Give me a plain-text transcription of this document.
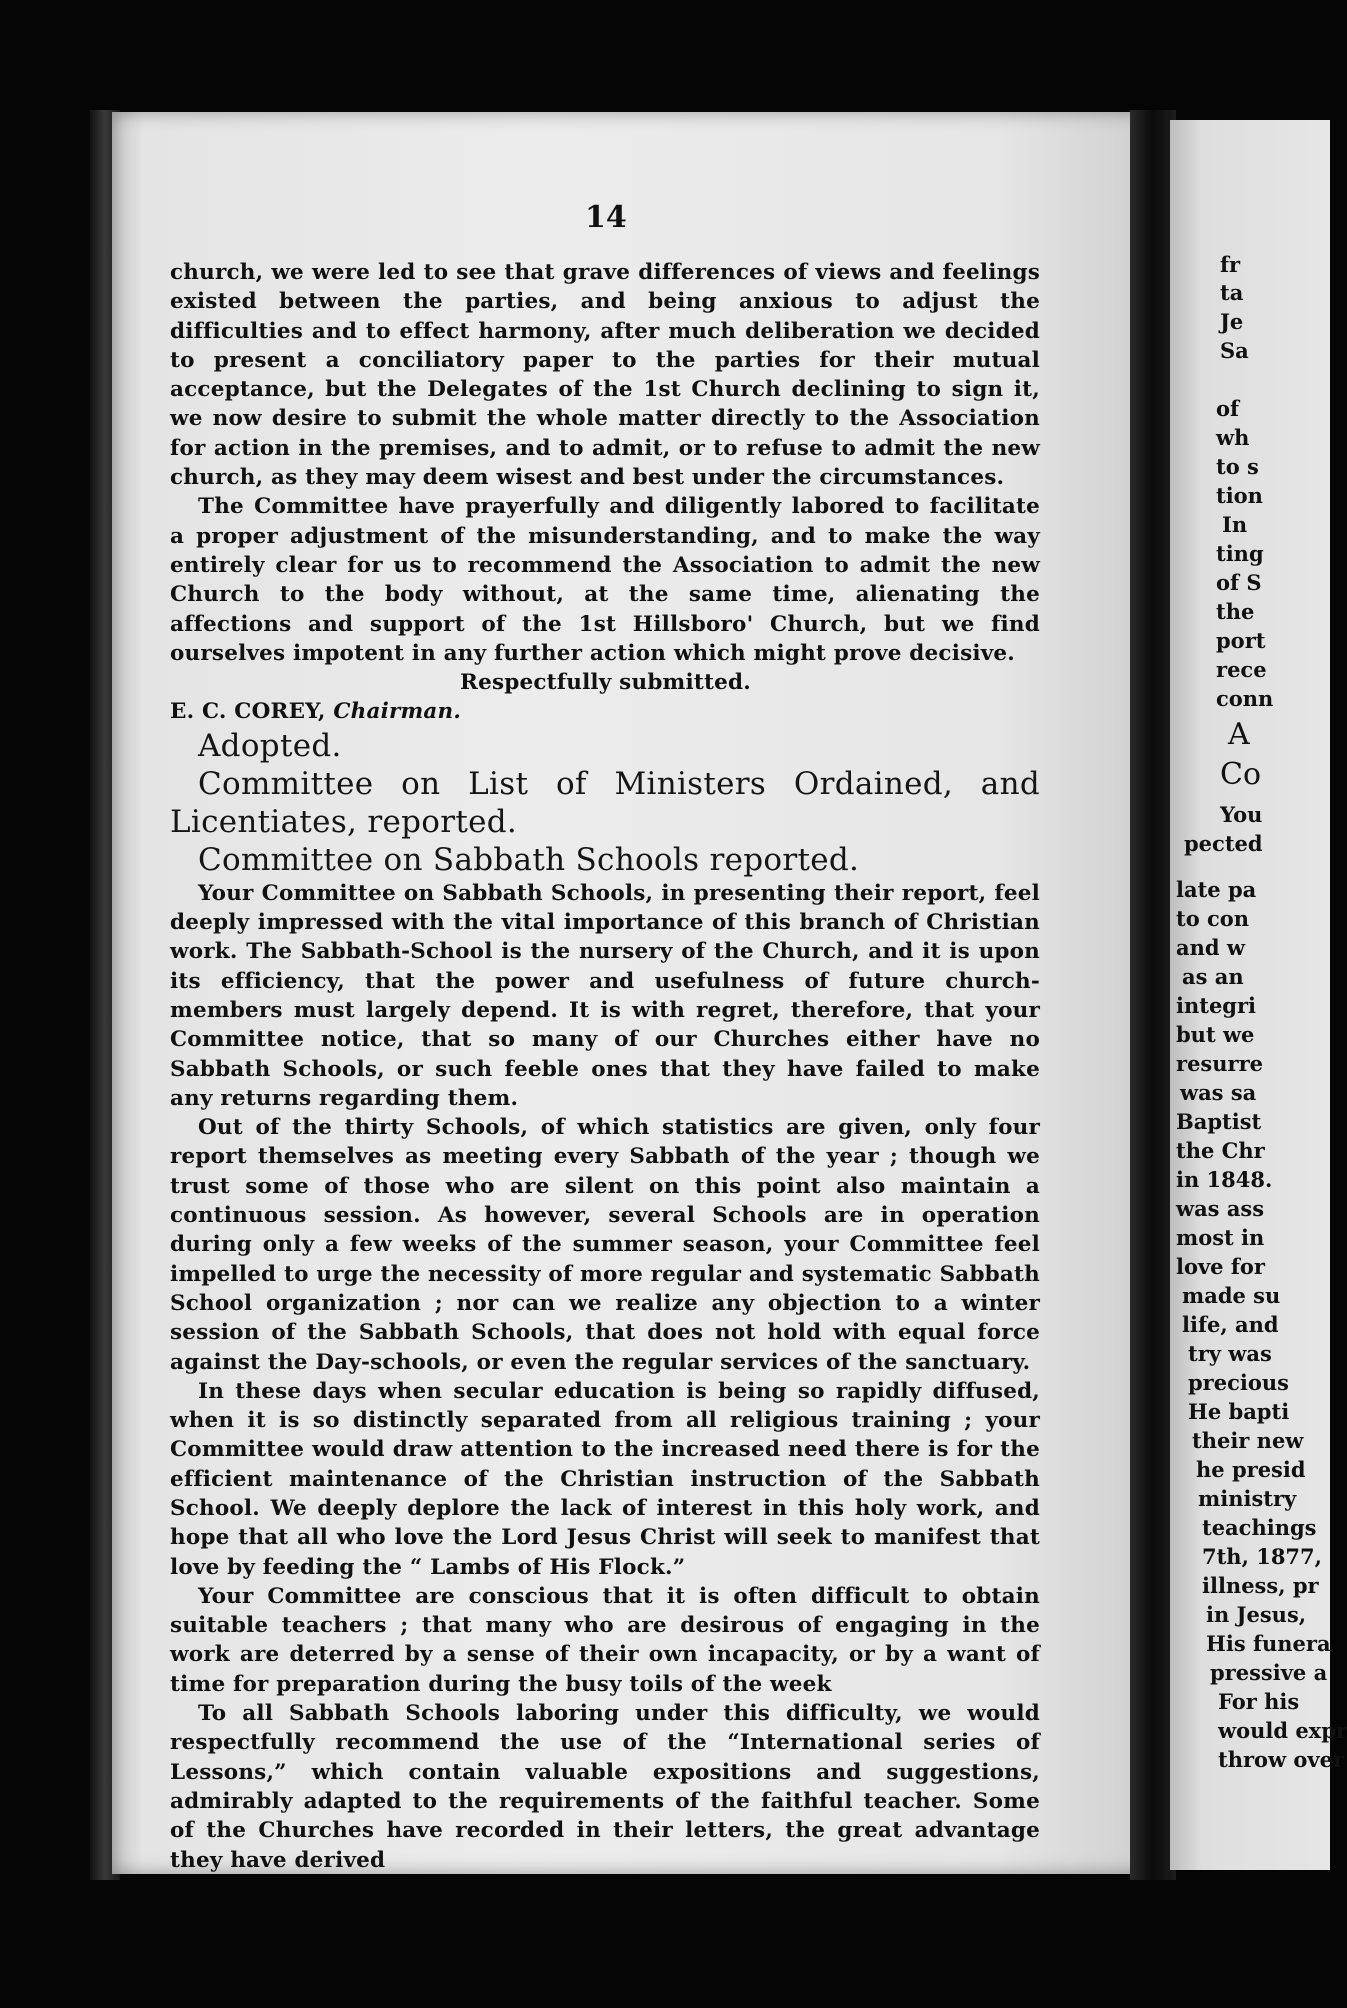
14

church, we were led to see that grave differences of views and feelings existed between the parties, and being anxious to adjust the difficulties and to effect harmony, after much deliberation we decided to present a conciliatory paper to the parties for their mutual acceptance, but the Delegates of the 1st Church declining to sign it, we now desire to submit the whole matter directly to the Association for action in the premises, and to admit, or to refuse to admit the new church, as they may deem wisest and best under the circumstances.

The Committee have prayerfully and diligently labored to facilitate a proper adjustment of the misunderstanding, and to make the way entirely clear for us to recommend the Association to admit the new Church to the body without, at the same time, alienating the affections and support of the 1st Hillsboro' Church, but we find ourselves impotent in any further action which might prove decisive.

Respectfully submitted.

E. C. COREY, Chairman.

Adopted.

Committee on List of Ministers Ordained, and Licentiates, reported.

Committee on Sabbath Schools reported.

Your Committee on Sabbath Schools, in presenting their report, feel deeply impressed with the vital importance of this branch of Christian work. The Sabbath-School is the nursery of the Church, and it is upon its efficiency, that the power and usefulness of future church-members must largely depend. It is with regret, therefore, that your Committee notice, that so many of our Churches either have no Sabbath Schools, or such feeble ones that they have failed to make any returns regarding them.

Out of the thirty Schools, of which statistics are given, only four report themselves as meeting every Sabbath of the year ; though we trust some of those who are silent on this point also maintain a continuous session. As however, several Schools are in operation during only a few weeks of the summer season, your Committee feel impelled to urge the necessity of more regular and systematic Sabbath School organization ; nor can we realize any objection to a winter session of the Sabbath Schools, that does not hold with equal force against the Day-schools, or even the regular services of the sanctuary.

In these days when secular education is being so rapidly diffused, when it is so distinctly separated from all religious training ; your Committee would draw attention to the increased need there is for the efficient maintenance of the Christian instruction of the Sabbath School. We deeply deplore the lack of interest in this holy work, and hope that all who love the Lord Jesus Christ will seek to manifest that love by feeding the “ Lambs of His Flock.”

Your Committee are conscious that it is often difficult to obtain suitable teachers ; that many who are desirous of engaging in the work are deterred by a sense of their own incapacity, or by a want of time for preparation during the busy toils of the week

To all Sabbath Schools laboring under this difficulty, we would respectfully recommend the use of the “International series of Lessons,” which contain valuable expositions and suggestions, admirably adapted to the requirements of the faithful teacher. Some of the Churches have recorded in their letters, the great advantage they have derived

fr
ta
Je
Sa
of
wh
to s
tion
In
ting
of S
the
port
rece
conn
A
Co
You
pected
late pa
to con
and w
as an
integri
but we
resurre
was sa
Baptist
the Chr
in 1848.
was ass
most in
love for
made su
life, and
try was
precious
He bapti
their new
he presid
ministry
teachings
7th, 1877,
illness, pr
in Jesus,
His funera
pressive a
For his
would expr
throw over
